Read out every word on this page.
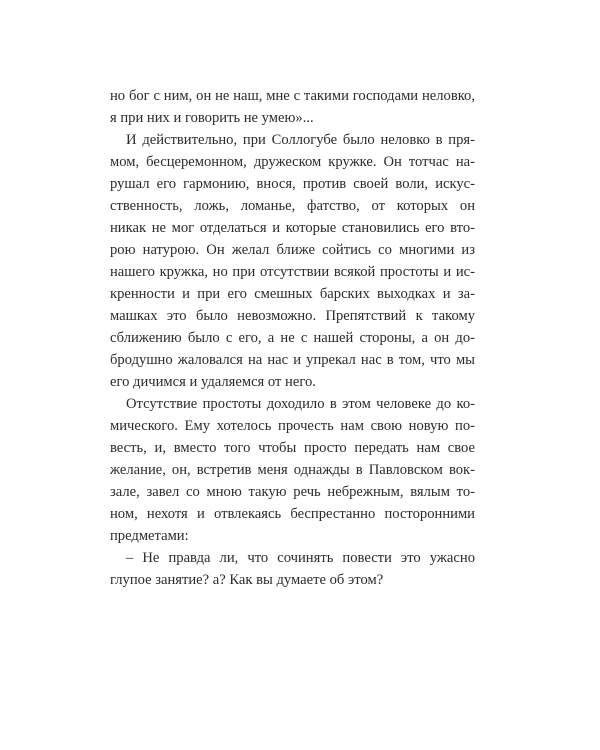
но бог с ним, он не наш, мне с такими господами неловко,
я при них и говорить не умею»...
И действительно, при Соллогубе было неловко в пря-
мом, бесцеремонном, дружеском кружке. Он тотчас на-
рушал его гармонию, внося, против своей воли, искус-
ственность, ложь, ломанье, фатство, от которых он
никак не мог отделаться и которые становились его вто-
рою натурою. Он желал ближе сойтись со многими из
нашего кружка, но при отсутствии всякой простоты и ис-
кренности и при его смешных барских выходках и за-
машках это было невозможно. Препятствий к такому
сближению было с его, а не с нашей стороны, а он до-
бродушно жаловался на нас и упрекал нас в том, что мы
его дичимся и удаляемся от него.
Отсутствие простоты доходило в этом человеке до ко-
мического. Ему хотелось прочесть нам свою новую по-
весть, и, вместо того чтобы просто передать нам свое
желание, он, встретив меня однажды в Павловском вок-
зале, завел со мною такую речь небрежным, вялым то-
ном, нехотя и отвлекаясь беспрестанно посторонними
предметами:
– Не правда ли, что сочинять повести это ужасно
глупое занятие? а? Как вы думаете об этом?
